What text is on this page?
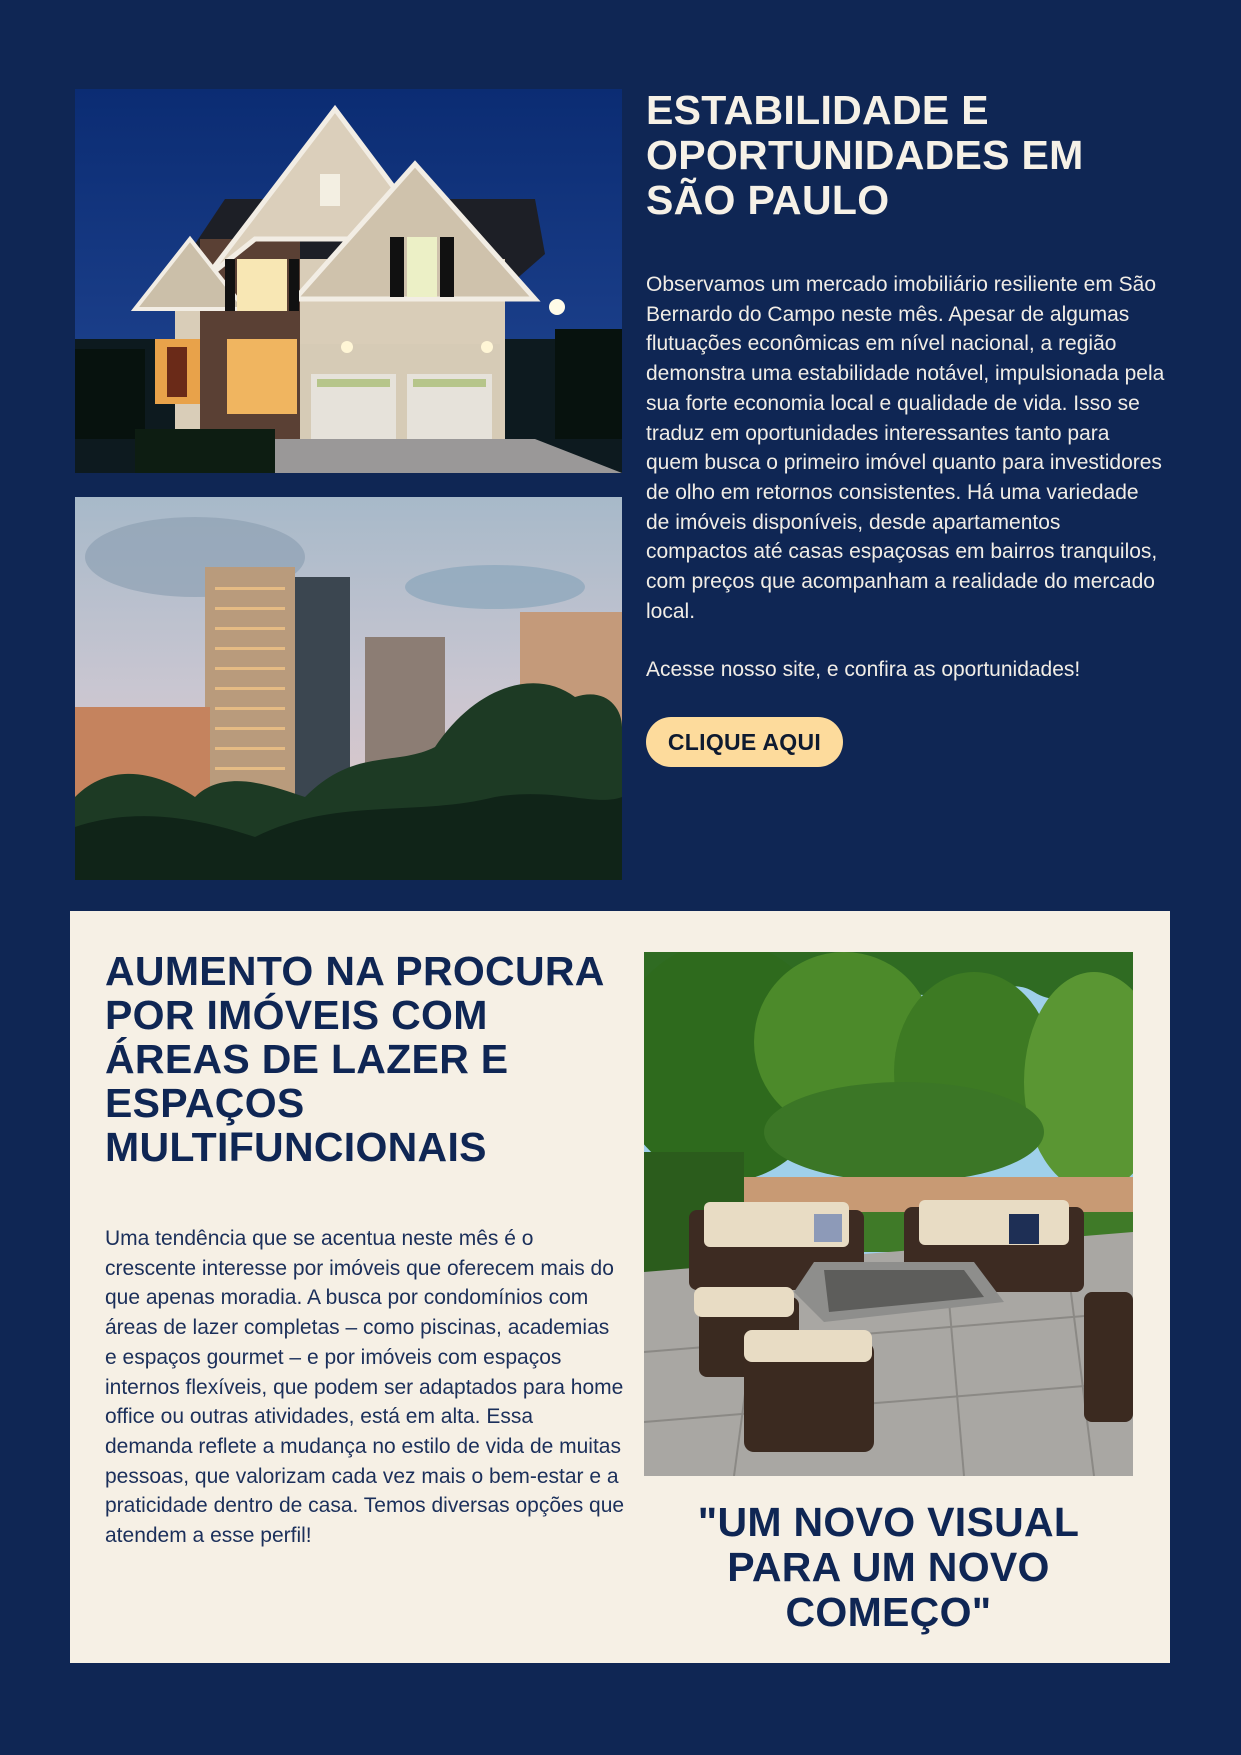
ESTABILIDADE E OPORTUNIDADES EM SÃO PAULO

Observamos um mercado imobiliário resiliente em São Bernardo do Campo neste mês. Apesar de algumas flutuações econômicas em nível nacional, a região demonstra uma estabilidade notável, impulsionada pela sua forte economia local e qualidade de vida. Isso se traduz em oportunidades interessantes tanto para quem busca o primeiro imóvel quanto para investidores de olho em retornos consistentes. Há uma variedade de imóveis disponíveis, desde apartamentos compactos até casas espaçosas em bairros tranquilos, com preços que acompanham a realidade do mercado local.

Acesse nosso site, e confira as oportunidades!

CLIQUE AQUI
AUMENTO NA PROCURA POR IMÓVEIS COM ÁREAS DE LAZER E ESPAÇOS MULTIFUNCIONAIS

Uma tendência que se acentua neste mês é o crescente interesse por imóveis que oferecem mais do que apenas moradia. A busca por condomínios com áreas de lazer completas – como piscinas, academias e espaços gourmet – e por imóveis com espaços internos flexíveis, que podem ser adaptados para home office ou outras atividades, está em alta. Essa demanda reflete a mudança no estilo de vida de muitas pessoas, que valorizam cada vez mais o bem-estar e a praticidade dentro de casa. Temos diversas opções que atendem a esse perfil!	"UM NOVO VISUAL PARA UM NOVO COMEÇO"
